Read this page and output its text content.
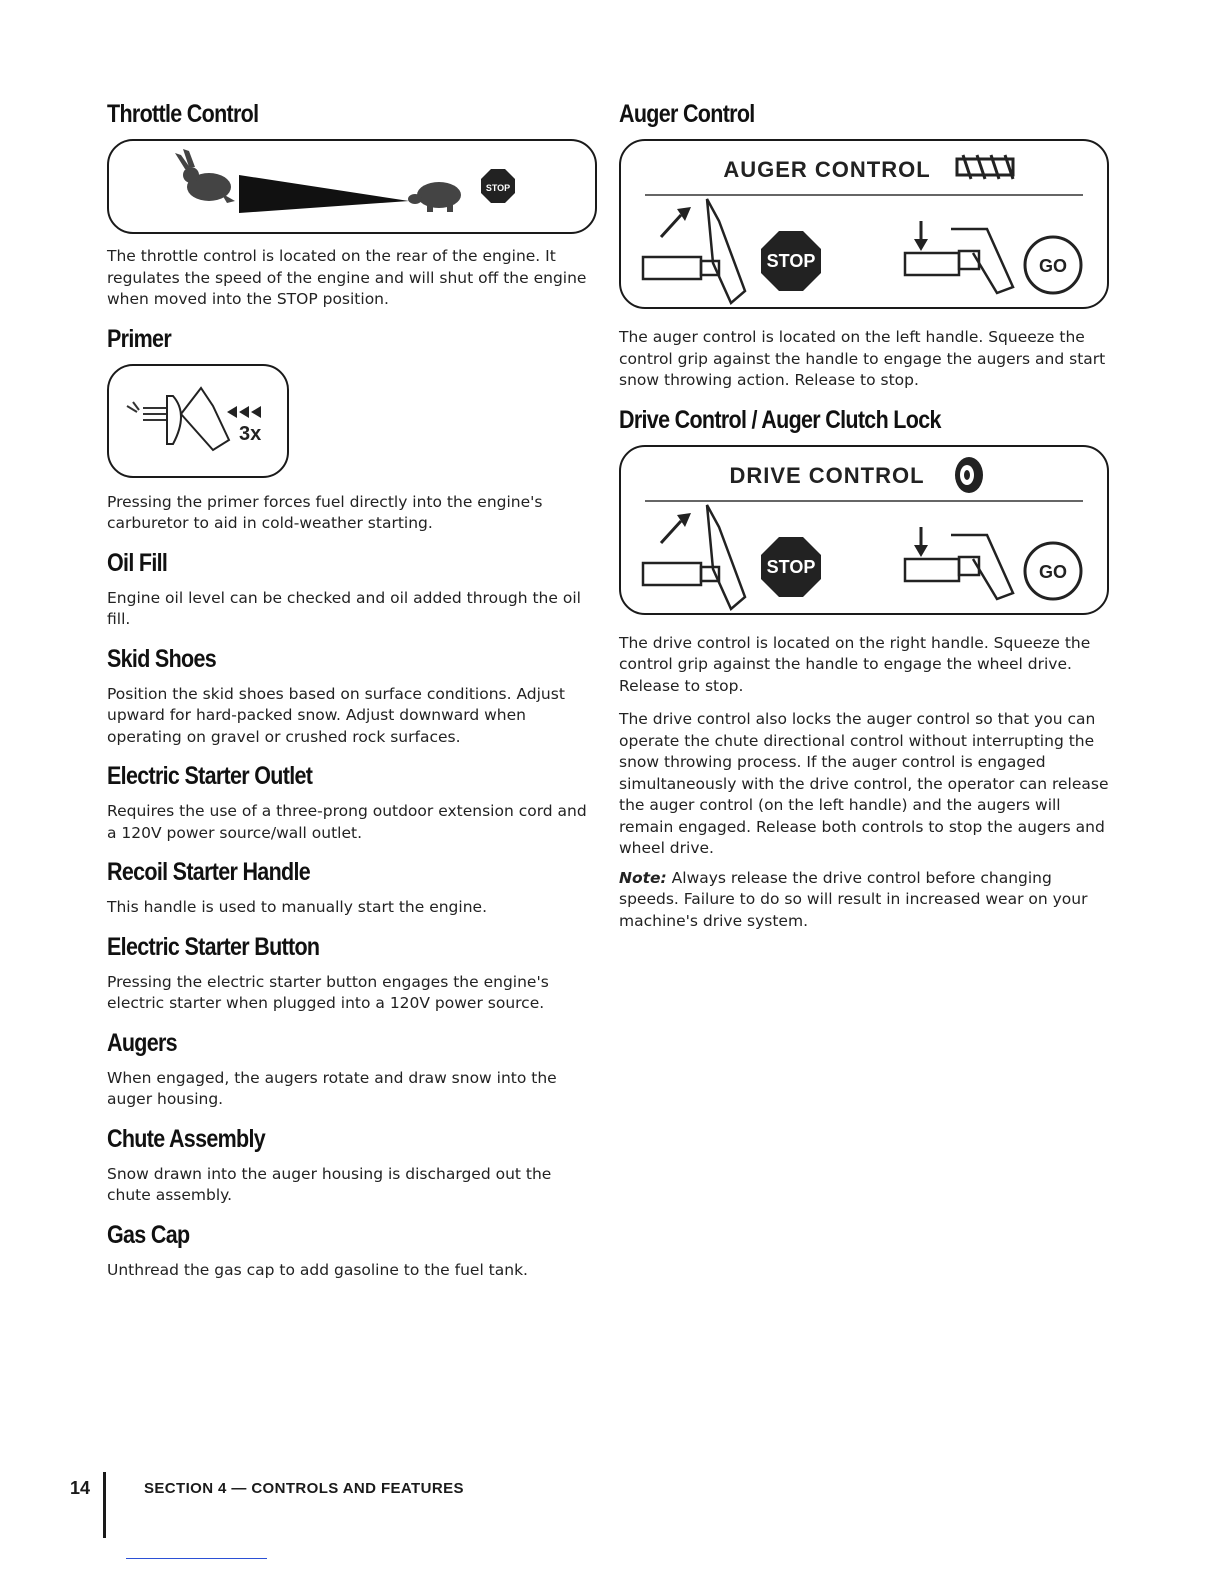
Throttle Control
STOP

The throttle control is located on the rear of the engine. It regulates the speed of the engine and will shut off the engine when moved into the STOP position.

Primer
3x

Pressing the primer forces fuel directly into the engine's carburetor to aid in cold-weather starting.

Oil Fill

Engine oil level can be checked and oil added through the oil fill.

Skid Shoes

Position the skid shoes based on surface conditions. Adjust upward for hard-packed snow. Adjust downward when operating on gravel or crushed rock surfaces.

Electric Starter Outlet

Requires the use of a three-prong outdoor extension cord and a 120V power source/wall outlet.

Recoil Starter Handle

This handle is used to manually start the engine.

Electric Starter Button

Pressing the electric starter button engages the engine's electric starter when plugged into a 120V power source.

Augers

When engaged, the augers rotate and draw snow into the auger housing.

Chute Assembly

Snow drawn into the auger housing is discharged out the chute assembly.

Gas Cap

Unthread the gas cap to add gasoline to the fuel tank.

Auger Control
AUGER CONTROL
STOP	GO

The auger control is located on the left handle. Squeeze the control grip against the handle to engage the augers and start snow throwing action. Release to stop.

Drive Control / Auger Clutch Lock
DRIVE CONTROL
STOP	GO

The drive control is located on the right handle. Squeeze the control grip against the handle to engage the wheel drive. Release to stop.

The drive control also locks the auger control so that you can operate the chute directional control without interrupting the snow throwing process. If the auger control is engaged simultaneously with the drive control, the operator can release the auger control (on the left handle) and the augers will remain engaged. Release both controls to stop the augers and wheel drive.

Note: Always release the drive control before changing speeds. Failure to do so will result in increased wear on your machine's drive system.

14	SECTION 4 — CONTROLS AND FEATURES
